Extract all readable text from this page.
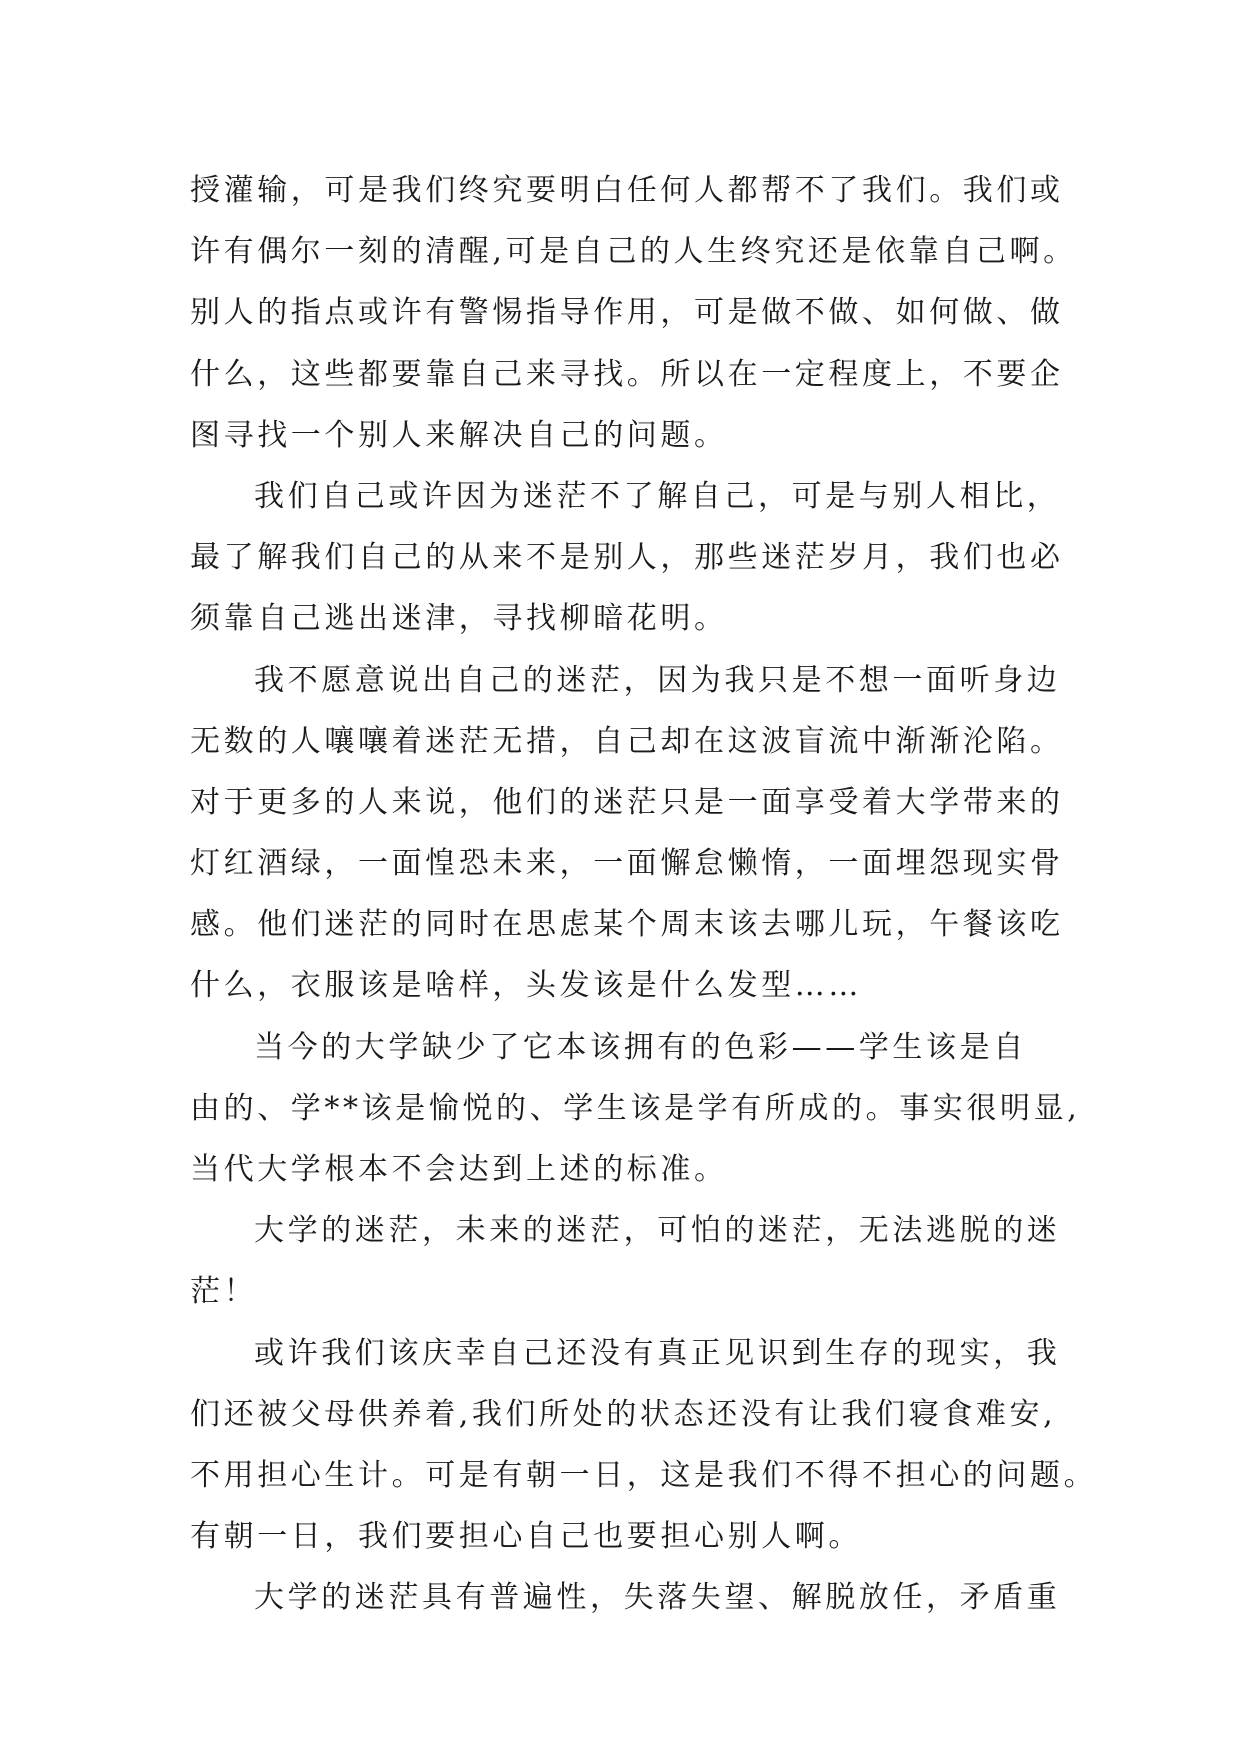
授灌输，可是我们终究要明白任何人都帮不了我们。我们或
许有偶尔一刻的清醒,可是自己的人生终究还是依靠自己啊。
别人的指点或许有警惕指导作用，可是做不做、如何做、做
什么，这些都要靠自己来寻找。所以在一定程度上，不要企
图寻找一个别人来解决自己的问题。
我们自己或许因为迷茫不了解自己，可是与别人相比，
最了解我们自己的从来不是别人，那些迷茫岁月，我们也必
须靠自己逃出迷津，寻找柳暗花明。
我不愿意说出自己的迷茫，因为我只是不想一面听身边
无数的人嚷嚷着迷茫无措，自己却在这波盲流中渐渐沦陷。
对于更多的人来说，他们的迷茫只是一面享受着大学带来的
灯红酒绿，一面惶恐未来，一面懈怠懒惰，一面埋怨现实骨
感。他们迷茫的同时在思虑某个周末该去哪儿玩，午餐该吃
什么，衣服该是啥样，头发该是什么发型……
当今的大学缺少了它本该拥有的色彩——学生该是自
由的、学**该是愉悦的、学生该是学有所成的。事实很明显,
当代大学根本不会达到上述的标准。
大学的迷茫，未来的迷茫，可怕的迷茫，无法逃脱的迷
茫！
或许我们该庆幸自己还没有真正见识到生存的现实，我
们还被父母供养着,我们所处的状态还没有让我们寝食难安,
不用担心生计。可是有朝一日，这是我们不得不担心的问题。
有朝一日，我们要担心自己也要担心别人啊。
大学的迷茫具有普遍性，失落失望、解脱放任，矛盾重
